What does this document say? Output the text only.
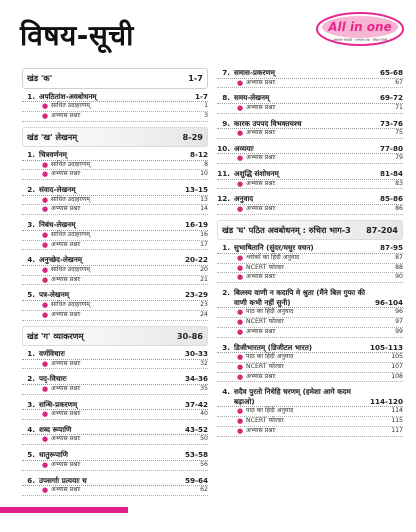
विषय-सूची	All in one
अध्ययन सामग्री · अभ्यास प्रश्न · मॉडल पेपर्स
खंड 'क'	1-7
1. अपठितांश-अवबोधनम्	1-7
● साधित उदाहरणम्	1
● अभ्यास प्रश्नाः	3
खंड 'ख' लेखनम्	8-29
1. चित्रवर्णनम्	8-12
● साधित उदाहरणम्	8
● अभ्यास प्रश्नाः	10
2. संवाद-लेखनम्	13-15
● साधित उदाहरणम्	13
● अभ्यास प्रश्नाः	14
3. निबंध-लेखनम्	16-19
● साधित उदाहरणम्	16
● अभ्यास प्रश्नाः	17
4. अनुच्छेद-लेखनम्	20-22
● साधित उदाहरणम्	20
● अभ्यास प्रश्नाः	21
5. पत्र-लेखनम्	23-29
● साधित उदाहरणम्	23
● अभ्यास प्रश्नाः	24
खंड 'ग' व्याकरणम्	30-86
1. वर्णविचारः	30-33
● अभ्यास प्रश्नाः	32
2. पद्-विचारः	34-36
● अभ्यास प्रश्नाः	35
3. सन्धि-प्रकरणम्	37-42
● अभ्यास प्रश्नाः	40
4. शब्द रूपाणि	43-52
● अभ्यास प्रश्नाः	50
5. धातुरूपाणि	53-58
● अभ्यास प्रश्नाः	56
6. उपसर्गाः प्रत्ययाः च	59-64
● अभ्यास प्रश्नाः	62
7. समास-प्रकरणम्	65-68
● अभ्यास प्रश्नाः	67
8. समय-लेखनम्	69-72
● अभ्यास प्रश्नाः	71
9. कारक उपपद विभक्तयश्च	73-76
● अभ्यास प्रश्नाः	75
10. अव्ययाः	77-80
● अभ्यास प्रश्नाः	79
11. अशुद्धि संशोधनम्	81-84
● अभ्यास प्रश्नाः	83
12. अनुवाद	85-86
● अभ्यास प्रश्नाः	86
खंड 'घ' पठित अवबोधनम् : रुचिरा भाग-3	87-204
1. सुभाषितानि (सुंदर/मधुर वचन)	87-95
● श्लोकों का हिंदी अनुवाद	87
● NCERT फोल्डर	88
● अभ्यास प्रश्नाः	90
2. बिलस्य वाणी न कदापि मे श्रुता (मैंने बिल गुफा की वाणी कभी नहीं सुनी)	96-104
● पाठ का हिंदी अनुवाद	96
● NCERT फोल्डर	97
● अभ्यास प्रश्नाः	99
3. डिजीभारतम् (डिजीटल भारत)	105-113
● पाठ का हिंदी अनुवाद	105
● NCERT फोल्डर	107
● अभ्यास प्रश्नाः	108
4. सदैव पुरतो निधेहि चरणम् (हमेशा आगे कदम बढ़ाओ)	114-120
● पाठ का हिंदी अनुवाद	114
● NCERT फोल्डर	115
● अभ्यास प्रश्नाः	117
